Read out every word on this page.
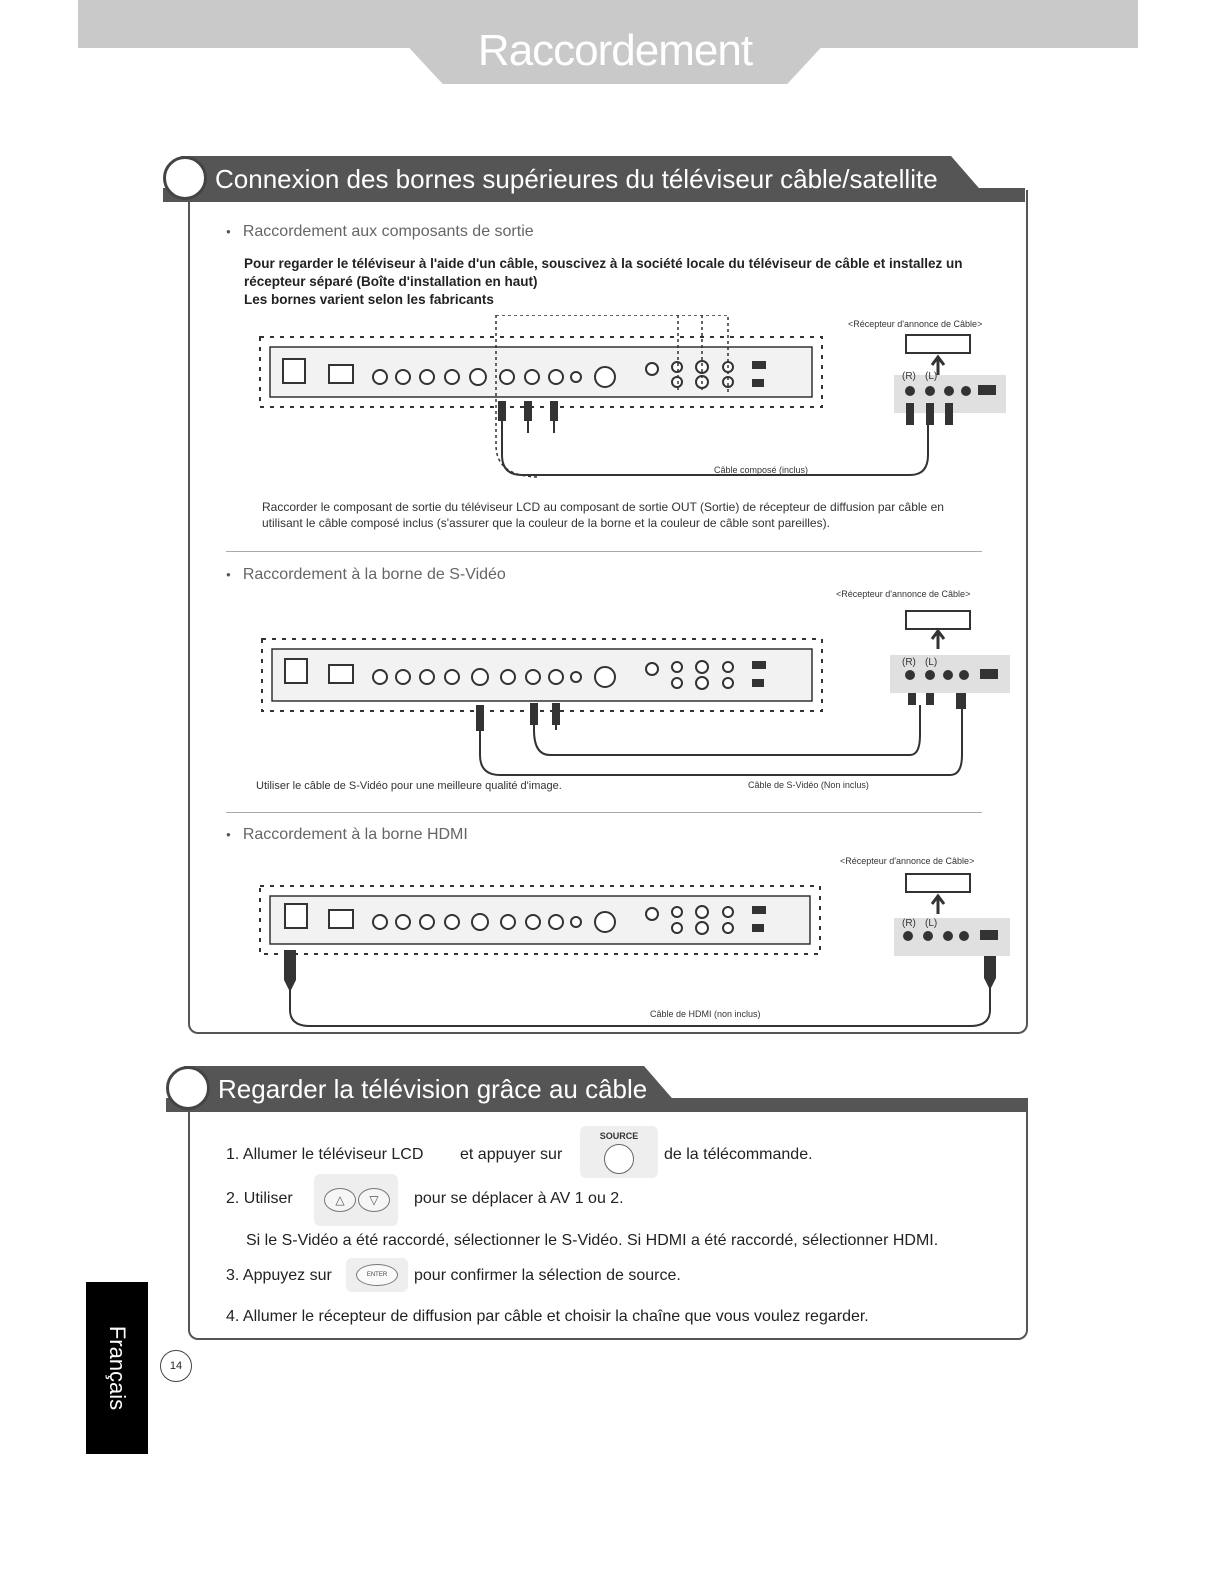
Raccordement
Connexion des bornes supérieures du téléviseur câble/satellite
● Raccordement aux composants de sortie
Pour regarder le téléviseur à l'aide d'un câble, souscivez à la société locale du téléviseur de câble et installez un récepteur séparé (Boîte d'installation en haut)
Les bornes varient selon les fabricants
<Récepteur d'annonce de Câble>
(R) (L)
Câble composé (inclus)
Raccorder le composant de sortie du téléviseur LCD au composant de sortie OUT (Sortie) de récepteur de diffusion par câble en utilisant le câble composé inclus (s'assurer que la couleur de la borne et la couleur de câble sont pareilles).
● Raccordement à la borne de S-Vidéo
<Récepteur d'annonce de Câble>
(R) (L)
Utiliser le câble de S-Vidéo pour une meilleure qualité d'image.	Câble de S-Vidéo (Non inclus)
● Raccordement à la borne HDMI
<Récepteur d'annonce de Câble>
(R) (L)
Câble de HDMI (non inclus)
Regarder la télévision grâce au câble
1. Allumer le téléviseur LCD et appuyer sur
SOURCE
de la télécommande.
2. Utiliser	△	▽	pour se déplacer à AV 1 ou 2.
Si le S-Vidéo a été raccordé, sélectionner le S-Vidéo. Si HDMI a été raccordé, sélectionner HDMI.
3. Appuyez sur	ENTER	pour confirmer la sélection de source.
4. Allumer le récepteur de diffusion par câble et choisir la chaîne que vous voulez regarder.
Français	14
